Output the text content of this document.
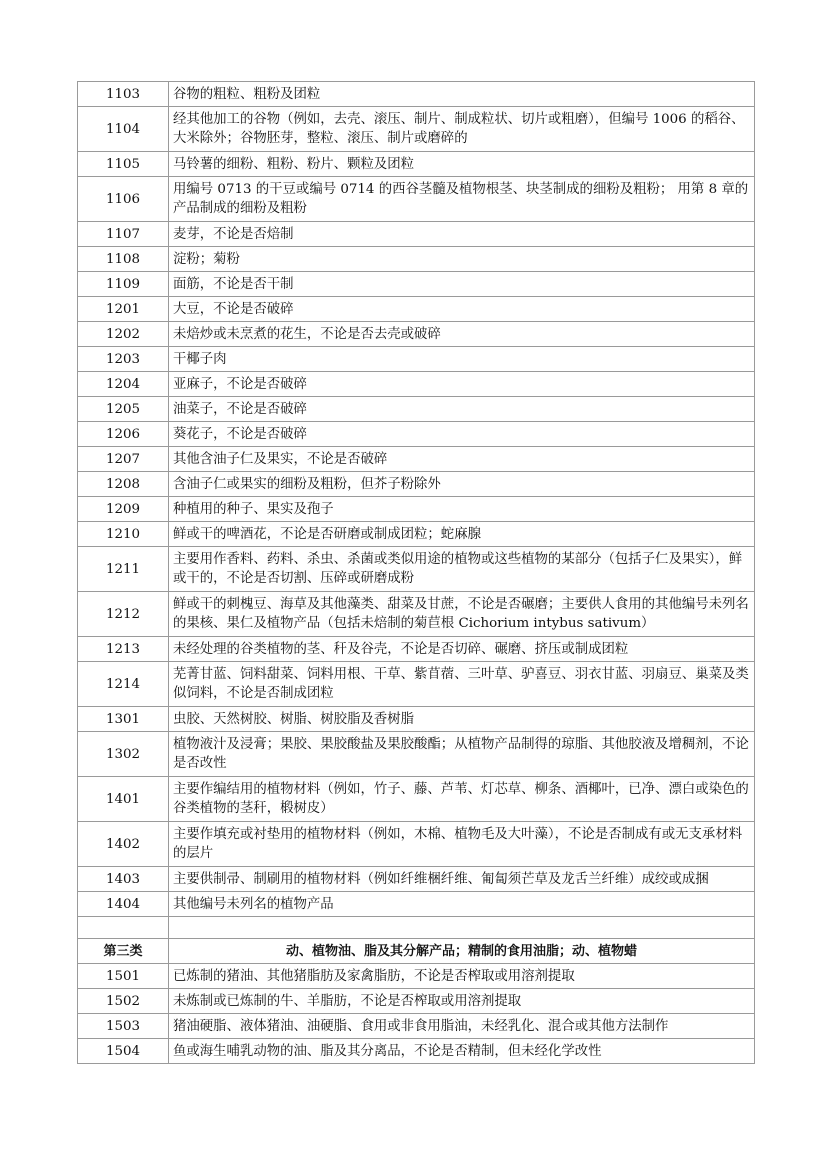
1103	谷物的粗粒、粗粉及团粒
1104	经其他加工的谷物（例如，去壳、滚压、制片、制成粒状、切片或粗磨），但编号 1006 的稻谷、大米除外；谷物胚芽，整粒、滚压、制片或磨碎的
1105	马铃薯的细粉、粗粉、粉片、颗粒及团粒
1106	用编号 0713 的干豆或编号 0714 的西谷茎髓及植物根茎、块茎制成的细粉及粗粉； 用第 8 章的产品制成的细粉及粗粉
1107	麦芽，不论是否焙制
1108	淀粉；菊粉
1109	面筋，不论是否干制
1201	大豆，不论是否破碎
1202	未焙炒或未烹煮的花生，不论是否去壳或破碎
1203	干椰子肉
1204	亚麻子，不论是否破碎
1205	油菜子，不论是否破碎
1206	葵花子，不论是否破碎
1207	其他含油子仁及果实，不论是否破碎
1208	含油子仁或果实的细粉及粗粉，但芥子粉除外
1209	种植用的种子、果实及孢子
1210	鲜或干的啤酒花，不论是否研磨或制成团粒；蛇麻腺
1211	主要用作香料、药料、杀虫、杀菌或类似用途的植物或这些植物的某部分（包括子仁及果实），鲜或干的，不论是否切割、压碎或研磨成粉
1212	鲜或干的刺槐豆、海草及其他藻类、甜菜及甘蔗，不论是否碾磨；主要供人食用的其他编号未列名的果核、果仁及植物产品（包括未焙制的菊苣根 Cichorium intybus sativum）
1213	未经处理的谷类植物的茎、秆及谷壳，不论是否切碎、碾磨、挤压或制成团粒
1214	芜菁甘蓝、饲料甜菜、饲料用根、干草、紫苜蓿、三叶草、驴喜豆、羽衣甘蓝、羽扇豆、巢菜及类似饲料，不论是否制成团粒
1301	虫胶、天然树胶、树脂、树胶脂及香树脂
1302	植物液汁及浸膏；果胶、果胶酸盐及果胶酸酯；从植物产品制得的琼脂、其他胶液及增稠剂，不论是否改性
1401	主要作编结用的植物材料（例如，竹子、藤、芦苇、灯芯草、柳条、酒椰叶，已净、漂白或染色的谷类植物的茎秆，椴树皮）
1402	主要作填充或衬垫用的植物材料（例如，木棉、植物毛及大叶藻），不论是否制成有或无支承材料的层片
1403	主要供制帚、制刷用的植物材料（例如纤维梱纤维、匍匐须芒草及龙舌兰纤维）成绞或成捆
1404	其他编号未列名的植物产品

第三类	动、植物油、脂及其分解产品；精制的食用油脂；动、植物蜡
1501	已炼制的猪油、其他猪脂肪及家禽脂肪，不论是否榨取或用溶剂提取
1502	未炼制或已炼制的牛、羊脂肪，不论是否榨取或用溶剂提取
1503	猪油硬脂、液体猪油、油硬脂、食用或非食用脂油，未经乳化、混合或其他方法制作
1504	鱼或海生哺乳动物的油、脂及其分离品，不论是否精制，但未经化学改性
